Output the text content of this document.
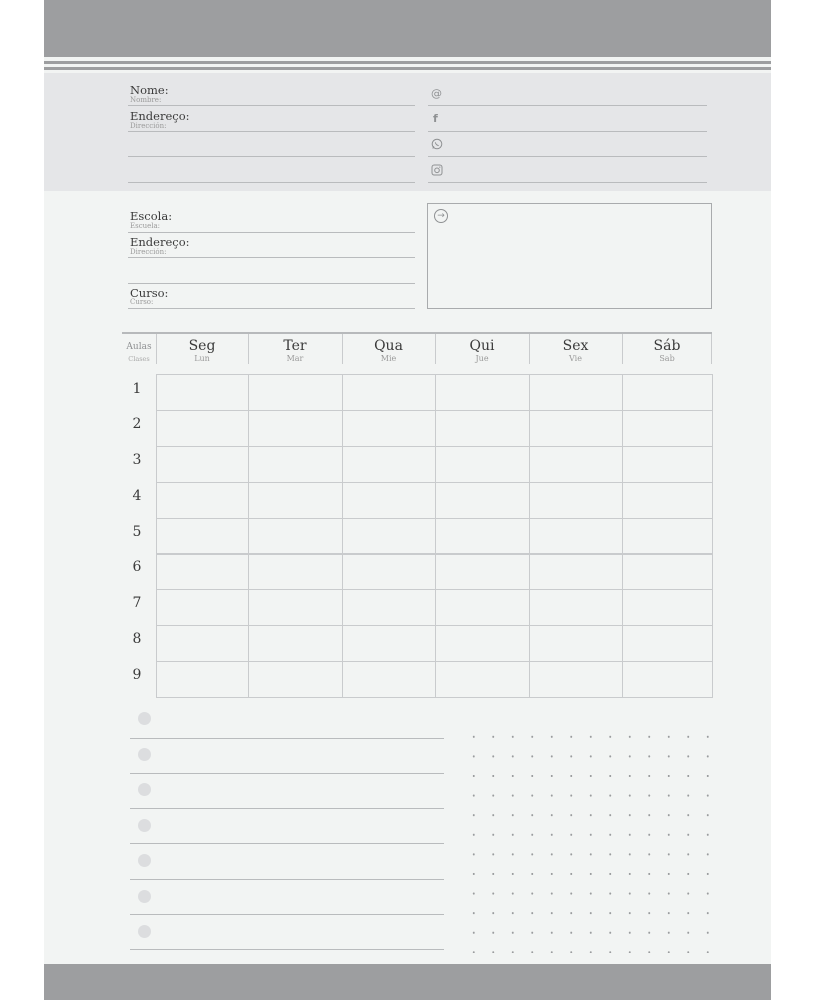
Nome:
Nombre:
Endereço:
Dirección:
@
f
Escola:
Escuela:
Endereço:
Dirección:
Curso:
Curso:
→
Aulas
Clases
Seg
Lun
Ter
Mar
Qua
Mie
Qui
Jue
Sex
Vie
Sáb
Sab
1
2
3
4
5
6
7
8
9
